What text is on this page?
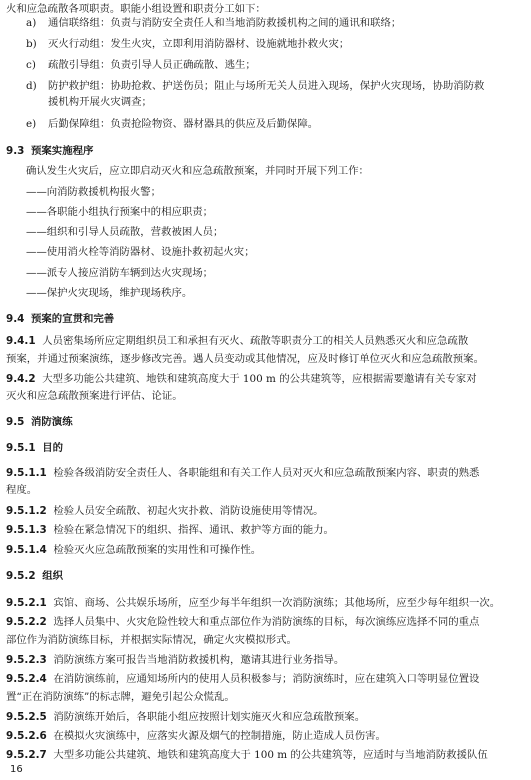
火和应急疏散各项职责。职能小组设置和职责分工如下：
a) 通信联络组：负责与消防安全责任人和当地消防救援机构之间的通讯和联络；
b) 灭火行动组：发生火灾，立即利用消防器材、设施就地扑救火灾；
c) 疏散引导组：负责引导人员正确疏散、逃生；
d) 防护救护组：协助抢救、护送伤员；阻止与场所无关人员进入现场，保护火灾现场，协助消防救
援机构开展火灾调查；
e) 后勤保障组：负责抢险物资、器材器具的供应及后勤保障。
9.3 预案实施程序
确认发生火灾后，应立即启动灭火和应急疏散预案，并同时开展下列工作：
——向消防救援机构报火警；
——各职能小组执行预案中的相应职责；
——组织和引导人员疏散，营救被困人员；
——使用消火栓等消防器材、设施扑救初起火灾；
——派专人接应消防车辆到达火灾现场；
——保护火灾现场，维护现场秩序。
9.4 预案的宣贯和完善
9.4.1 人员密集场所应定期组织员工和承担有灭火、疏散等职责分工的相关人员熟悉灭火和应急疏散
预案，并通过预案演练，逐步修改完善。遇人员变动或其他情况，应及时修订单位灭火和应急疏散预案。
9.4.2 大型多功能公共建筑、地铁和建筑高度大于 100 m 的公共建筑等，应根据需要邀请有关专家对
灭火和应急疏散预案进行评估、论证。
9.5 消防演练
9.5.1 目的
9.5.1.1 检验各级消防安全责任人、各职能组和有关工作人员对灭火和应急疏散预案内容、职责的熟悉
程度。
9.5.1.2 检验人员安全疏散、初起火灾扑救、消防设施使用等情况。
9.5.1.3 检验在紧急情况下的组织、指挥、通讯、救护等方面的能力。
9.5.1.4 检验灭火应急疏散预案的实用性和可操作性。
9.5.2 组织
9.5.2.1 宾馆、商场、公共娱乐场所，应至少每半年组织一次消防演练；其他场所，应至少每年组织一次。
9.5.2.2 选择人员集中、火灾危险性较大和重点部位作为消防演练的目标，每次演练应选择不同的重点
部位作为消防演练目标，并根据实际情况，确定火灾模拟形式。
9.5.2.3 消防演练方案可报告当地消防救援机构，邀请其进行业务指导。
9.5.2.4 在消防演练前，应通知场所内的使用人员积极参与；消防演练时，应在建筑入口等明显位置设
置“正在消防演练”的标志牌，避免引起公众慌乱。
9.5.2.5 消防演练开始后，各职能小组应按照计划实施灭火和应急疏散预案。
9.5.2.6 在模拟火灾演练中，应落实火源及烟气的控制措施，防止造成人员伤害。
9.5.2.7 大型多功能公共建筑、地铁和建筑高度大于 100 m 的公共建筑等，应适时与当地消防救援队伍
16
